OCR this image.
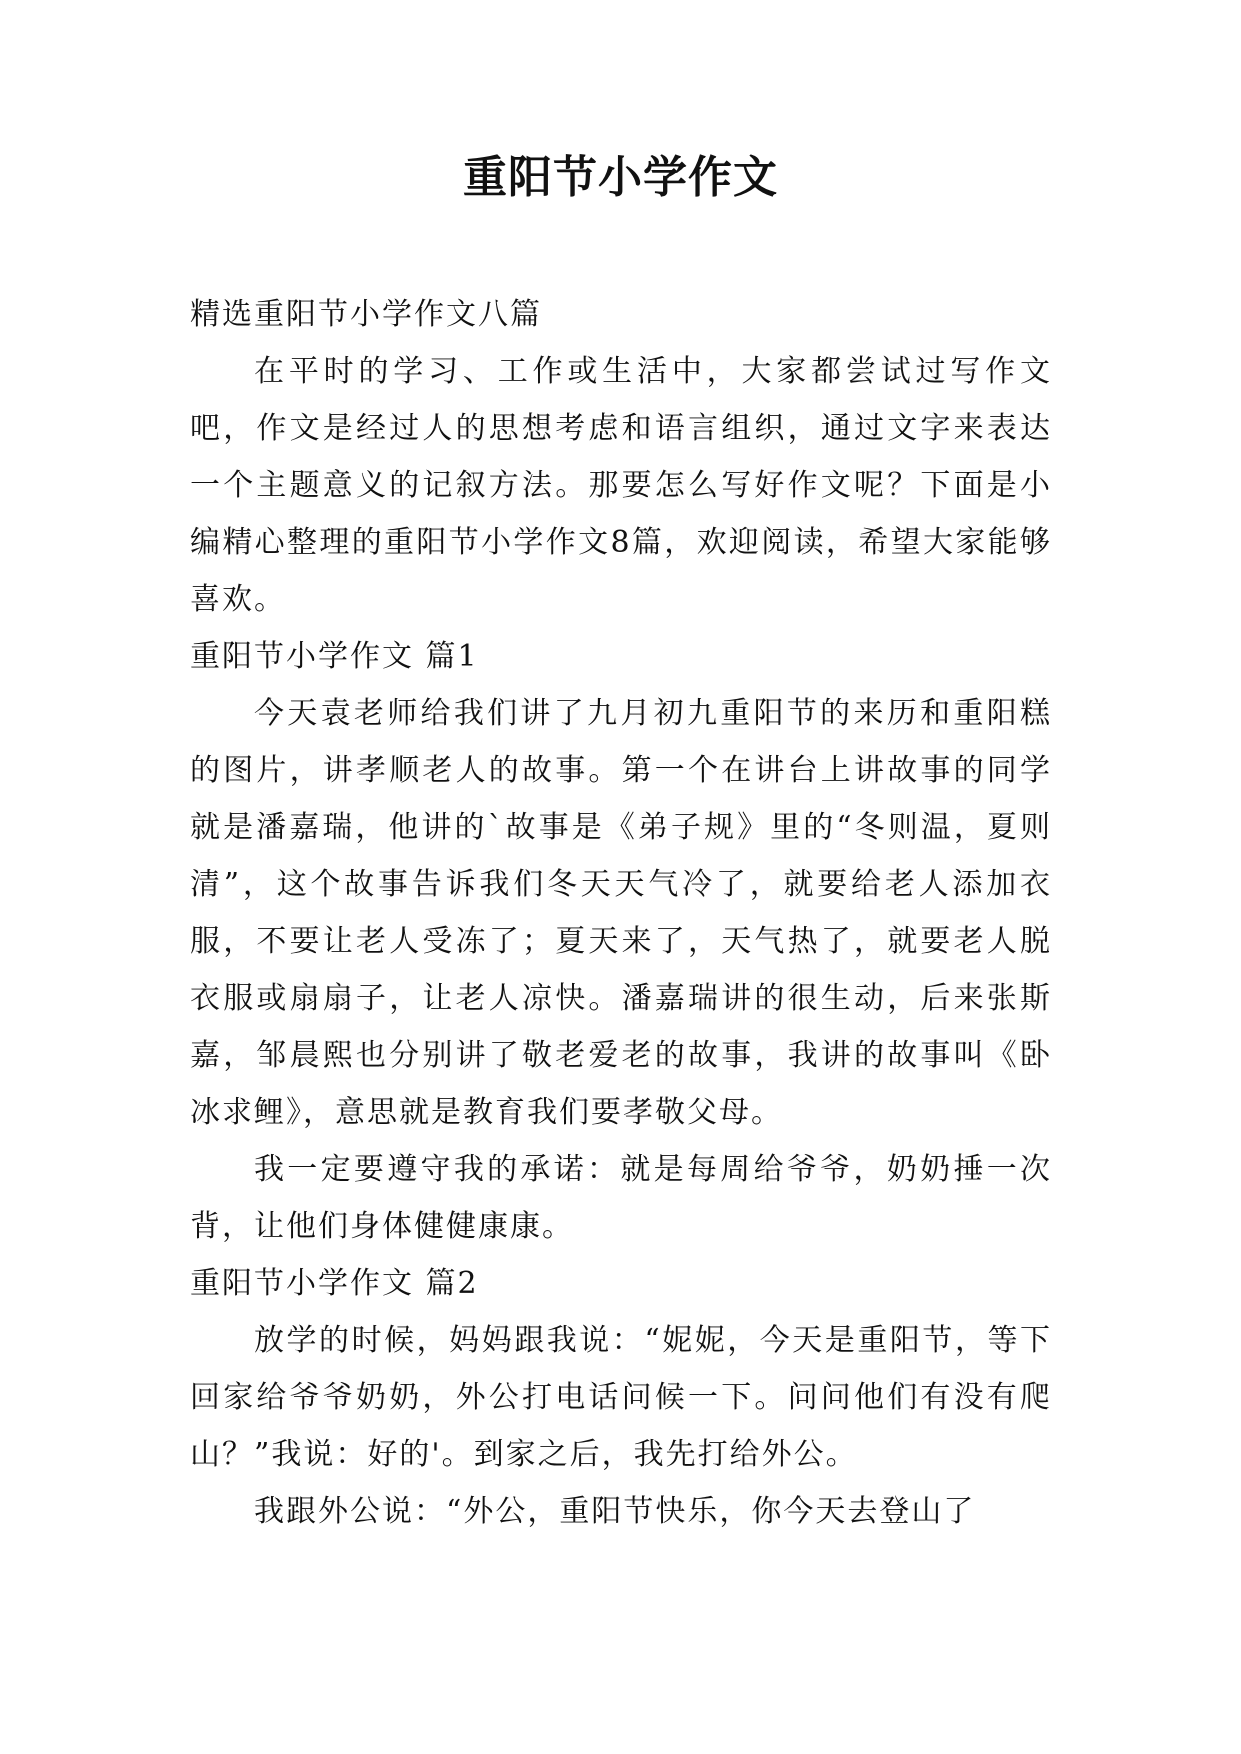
重阳节小学作文

精选重阳节小学作文八篇

在平时的学习、工作或生活中，大家都尝试过写作文吧，作文是经过人的思想考虑和语言组织，通过文字来表达一个主题意义的记叙方法。那要怎么写好作文呢？下面是小编精心整理的重阳节小学作文8篇，欢迎阅读，希望大家能够喜欢。

重阳节小学作文 篇1

今天袁老师给我们讲了九月初九重阳节的来历和重阳糕的图片，讲孝顺老人的故事。第一个在讲台上讲故事的同学就是潘嘉瑞，他讲的`故事是《弟子规》里的“冬则温，夏则清”，这个故事告诉我们冬天天气冷了，就要给老人添加衣服，不要让老人受冻了；夏天来了，天气热了，就要老人脱衣服或扇扇子，让老人凉快。潘嘉瑞讲的很生动，后来张斯嘉，邹晨熙也分别讲了敬老爱老的故事，我讲的故事叫《卧冰求鲤》，意思就是教育我们要孝敬父母。

我一定要遵守我的承诺：就是每周给爷爷，奶奶捶一次背，让他们身体健健康康。

重阳节小学作文 篇2

放学的时候，妈妈跟我说：“妮妮，今天是重阳节，等下回家给爷爷奶奶，外公打电话问候一下。问问他们有没有爬山？”我说：好的'。到家之后，我先打给外公。

我跟外公说：“外公，重阳节快乐，你今天去登山了
